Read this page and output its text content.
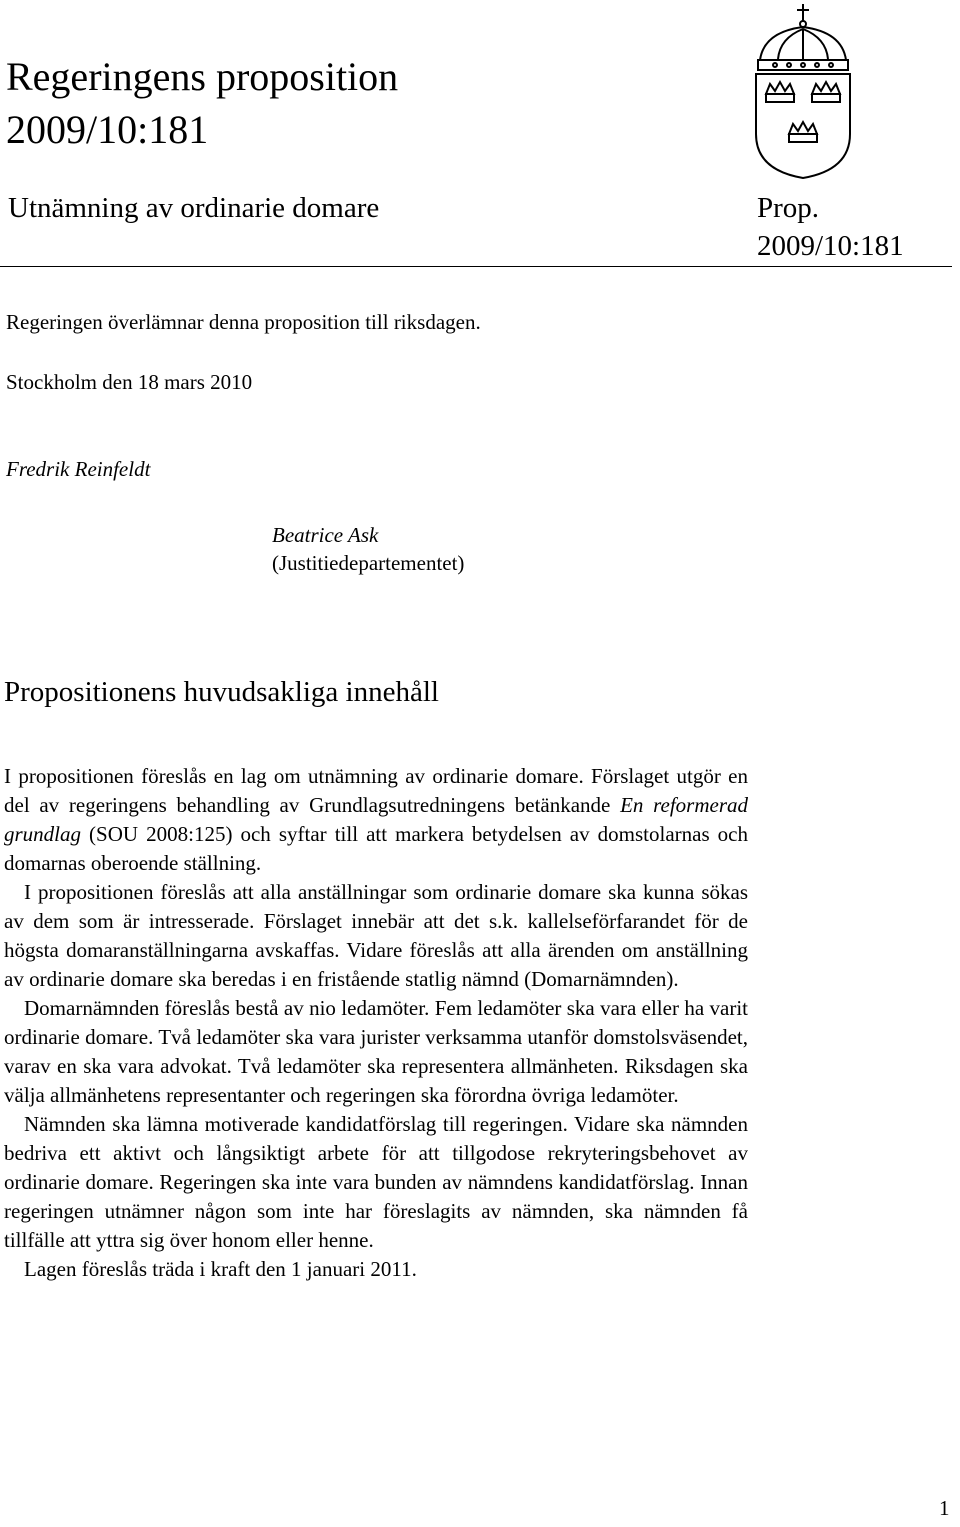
Regeringens proposition
2009/10:181
Utnämning av ordinarie domare	Prop.
2009/10:181
Regeringen överlämnar denna proposition till riksdagen.
Stockholm den 18 mars 2010
Fredrik Reinfeldt
Beatrice Ask
(Justitiedepartementet)
Propositionens huvudsakliga innehåll

I propositionen föreslås en lag om utnämning av ordinarie domare. Förslaget utgör en del av regeringens behandling av Grundlagsutredningens betänkande En reformerad grundlag (SOU 2008:125) och syftar till att markera betydelsen av domstolarnas och domarnas oberoende ställning.

I propositionen föreslås att alla anställningar som ordinarie domare ska kunna sökas av dem som är intresserade. Förslaget innebär att det s.k. kallelseförfarandet för de högsta domaranställningarna avskaffas. Vidare föreslås att alla ärenden om anställning av ordinarie domare ska beredas i en fristående statlig nämnd (Domarnämnden).

Domarnämnden föreslås bestå av nio ledamöter. Fem ledamöter ska vara eller ha varit ordinarie domare. Två ledamöter ska vara jurister verksamma utanför domstolsväsendet, varav en ska vara advokat. Två ledamöter ska representera allmänheten. Riksdagen ska välja allmänhetens representanter och regeringen ska förordna övriga ledamöter.

Nämnden ska lämna motiverade kandidatförslag till regeringen. Vidare ska nämnden bedriva ett aktivt och långsiktigt arbete för att tillgodose rekryteringsbehovet av ordinarie domare. Regeringen ska inte vara bunden av nämndens kandidatförslag. Innan regeringen utnämner någon som inte har föreslagits av nämnden, ska nämnden få tillfälle att yttra sig över honom eller henne.

Lagen föreslås träda i kraft den 1 januari 2011.

1
